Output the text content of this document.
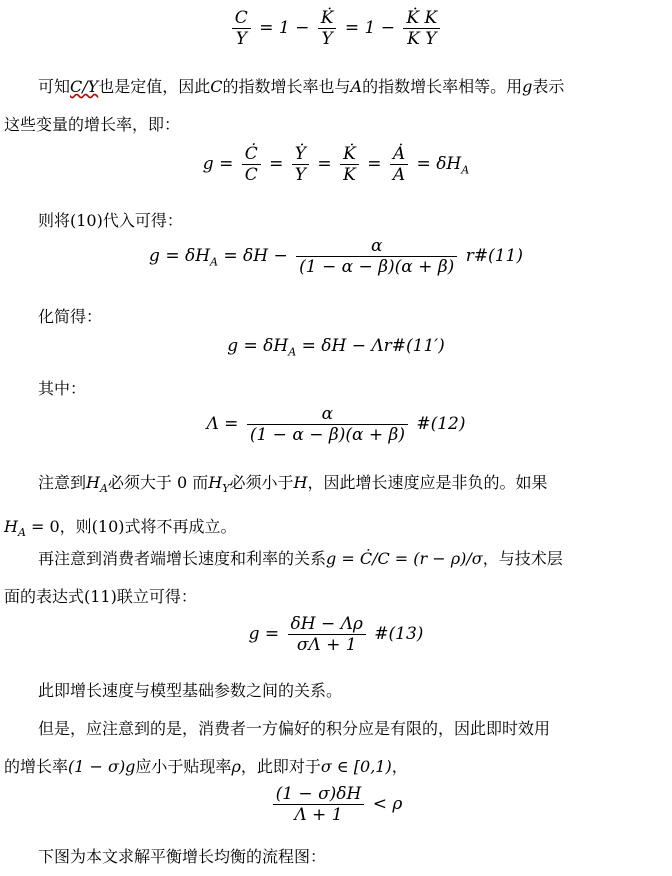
$\frac{C}{Y} = 1 - \frac{K̇}{Y} = 1 - \frac{K̇ K}{\text{K Y}}$
可知C/Y也是定值，因此C的指数增长率也与A的指数增长率相等。用g表示
这些变量的增长率，即：
$g = \frac{Ċ}{C} = \frac{\text{Ẏ}}{Y} = \frac{K̇}{K} = \frac{Ȧ}{A} = \delta H_A$
则将(10)代入可得：
$g = \delta H_A = \delta H - \frac{\alpha}{(1 - \alpha - \beta)(\alpha + \beta)}$ r#(11)
化简得：
$g = \delta H_A = \delta H$ − Λr#(11′)
其中：
$\Lambda = \frac{\alpha}{(1 - \alpha - \beta)(\alpha + \beta)}$ #(12)
注意到$H_A$必须大于 0 而$H_Y$必须小于H，因此增长速度应是非负的。如果
$H_A = 0$，则(10)式将不再成立。
再注意到消费者端增长速度和利率的关系g = Ċ/C = (r − ρ)/σ，与技术层
面的表达式(11)联立可得：
$g = \frac{\delta H - \Lambda\rho}{\sigma\Lambda + 1}$ #(13)
此即增长速度与模型基础参数之间的关系。
但是，应注意到的是，消费者一方偏好的积分应是有限的，因此即时效用
的增长率(1 − σ)g应小于贴现率ρ，此即对于σ ∈ [0,1)，
$\frac{(1 - \sigma)\delta H}{\Lambda + 1} < \rho$
下图为本文求解平衡增长均衡的流程图：
